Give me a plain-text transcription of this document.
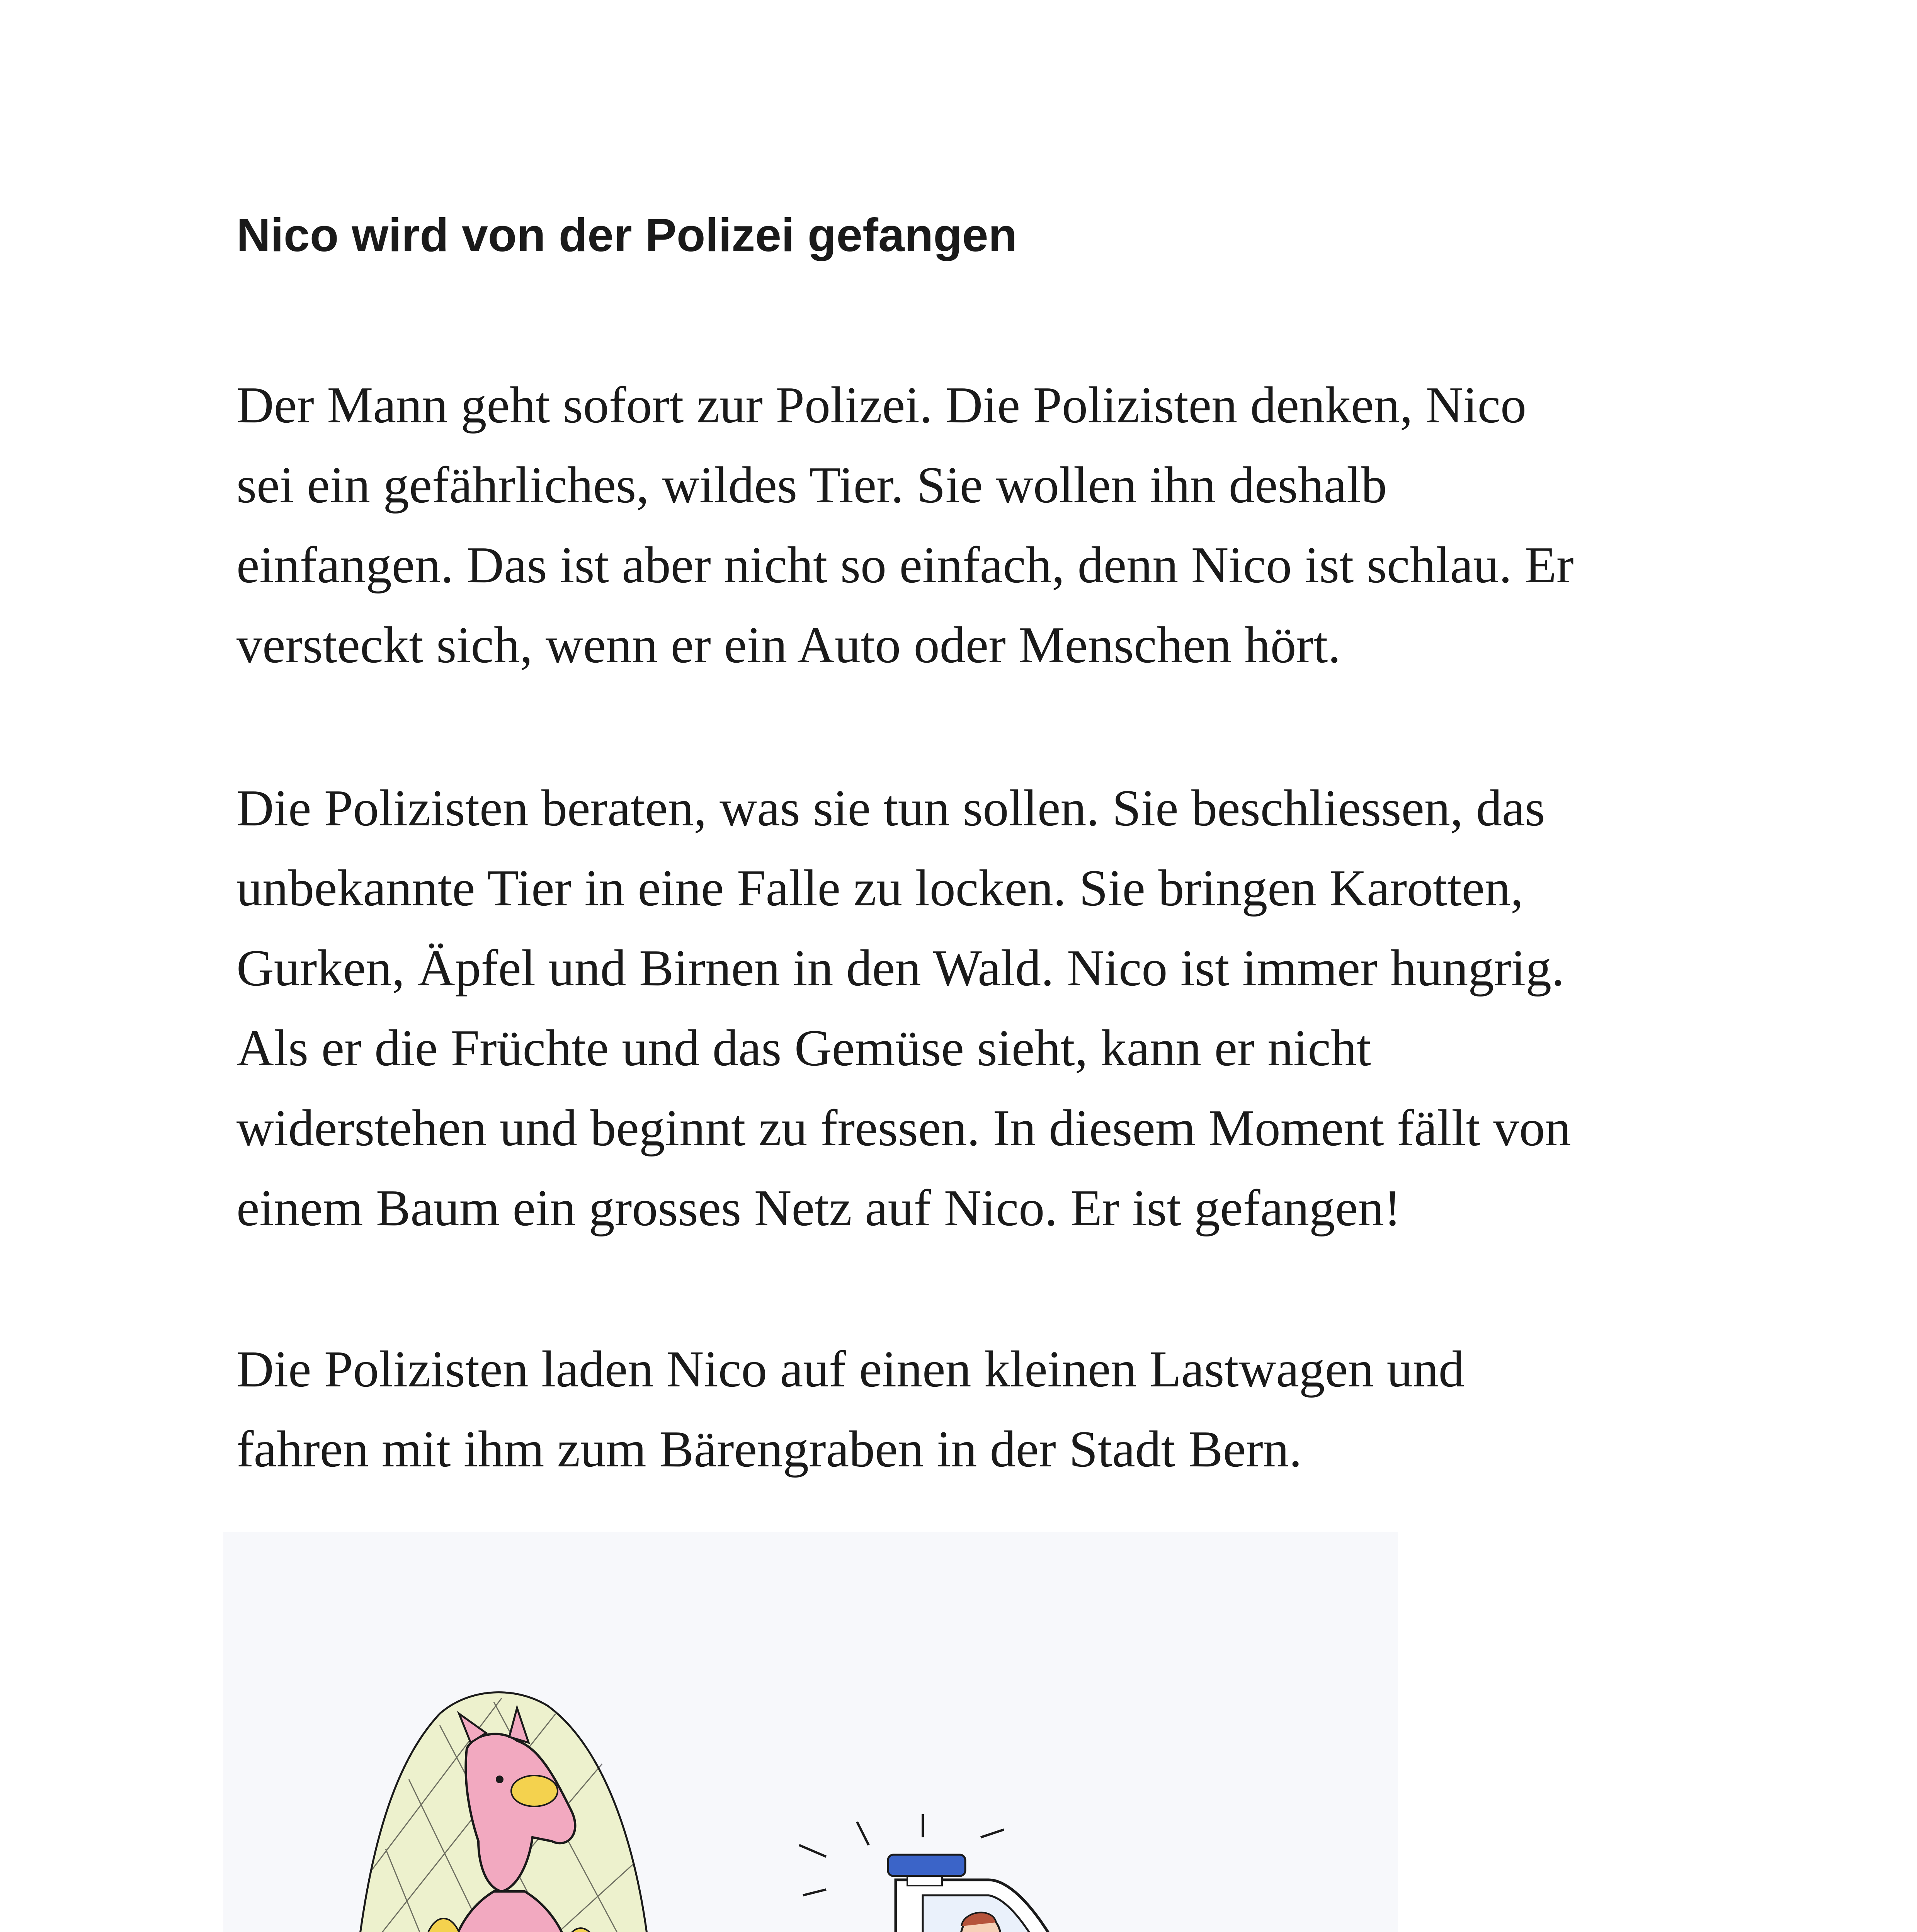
Nico wird von der Polizei gefangen

Der Mann geht sofort zur Polizei. Die Polizisten denken, Nico
sei ein gefährliches, wildes Tier. Sie wollen ihn deshalb
einfangen. Das ist aber nicht so einfach, denn Nico ist schlau. Er
versteckt sich, wenn er ein Auto oder Menschen hört.

Die Polizisten beraten, was sie tun sollen. Sie beschliessen, das
unbekannte Tier in eine Falle zu locken. Sie bringen Karotten,
Gurken, Äpfel und Birnen in den Wald. Nico ist immer hungrig.
Als er die Früchte und das Gemüse sieht, kann er nicht
widerstehen und beginnt zu fressen. In diesem Moment fällt von
einem Baum ein grosses Netz auf Nico. Er ist gefangen!

Die Polizisten laden Nico auf einen kleinen Lastwagen und
fahren mit ihm zum Bärengraben in der Stadt Bern.
